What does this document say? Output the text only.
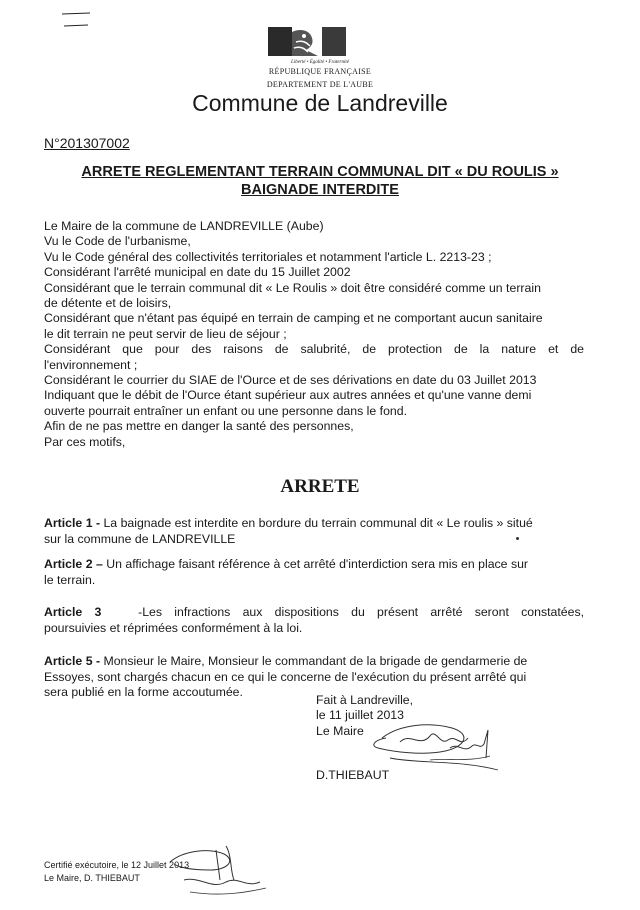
Liberté • Égalité • Fraternité
RÉPUBLIQUE FRANÇAISE
DEPARTEMENT DE L'AUBE
Commune de Landreville
N°201307002
ARRETE REGLEMENTANT TERRAIN COMMUNAL DIT « DU ROULIS »
BAIGNADE INTERDITE
Le Maire de la commune de LANDREVILLE (Aube)
Vu le Code de l'urbanisme,
Vu le Code général des collectivités territoriales et notamment l'article L. 2213-23 ;
Considérant l'arrêté municipal en date du 15 Juillet 2002
Considérant que le terrain communal dit « Le Roulis » doit être considéré comme un terrain
de détente et de loisirs,
Considérant que n'étant pas équipé en terrain de camping et ne comportant aucun sanitaire
le dit terrain ne peut servir de lieu de séjour ;
Considérant que pour des raisons de salubrité, de protection de la nature et de
l'environnement ;
Considérant le courrier du SIAE de l'Ource et de ses dérivations en date du 03 Juillet 2013
Indiquant que le débit de l'Ource étant supérieur aux autres années et qu'une vanne demi
ouverte pourrait entraîner un enfant ou une personne dans le fond.
Afin de ne pas mettre en danger la santé des personnes,
Par ces motifs,
ARRETE
Article 1 - La baignade est interdite en bordure du terrain communal dit « Le roulis » situé
sur la commune de LANDREVILLE
Article 2 – Un affichage faisant référence à cet arrêté d'interdiction sera mis en place sur
le terrain.
Article 3	-Les infractions aux dispositions du présent arrêté seront constatées,
poursuivies et réprimées conformément à la loi.
Article 5 - Monsieur le Maire, Monsieur le commandant de la brigade de gendarmerie de
Essoyes, sont chargés chacun en ce qui le concerne de l'exécution du présent arrêté qui
sera publié en la forme accoutumée.
Fait à Landreville,
le 11 juillet 2013
Le Maire
D.THIEBAUT
Certifié exécutoire, le 12 Juillet 2013
Le Maire, D. THIEBAUT
